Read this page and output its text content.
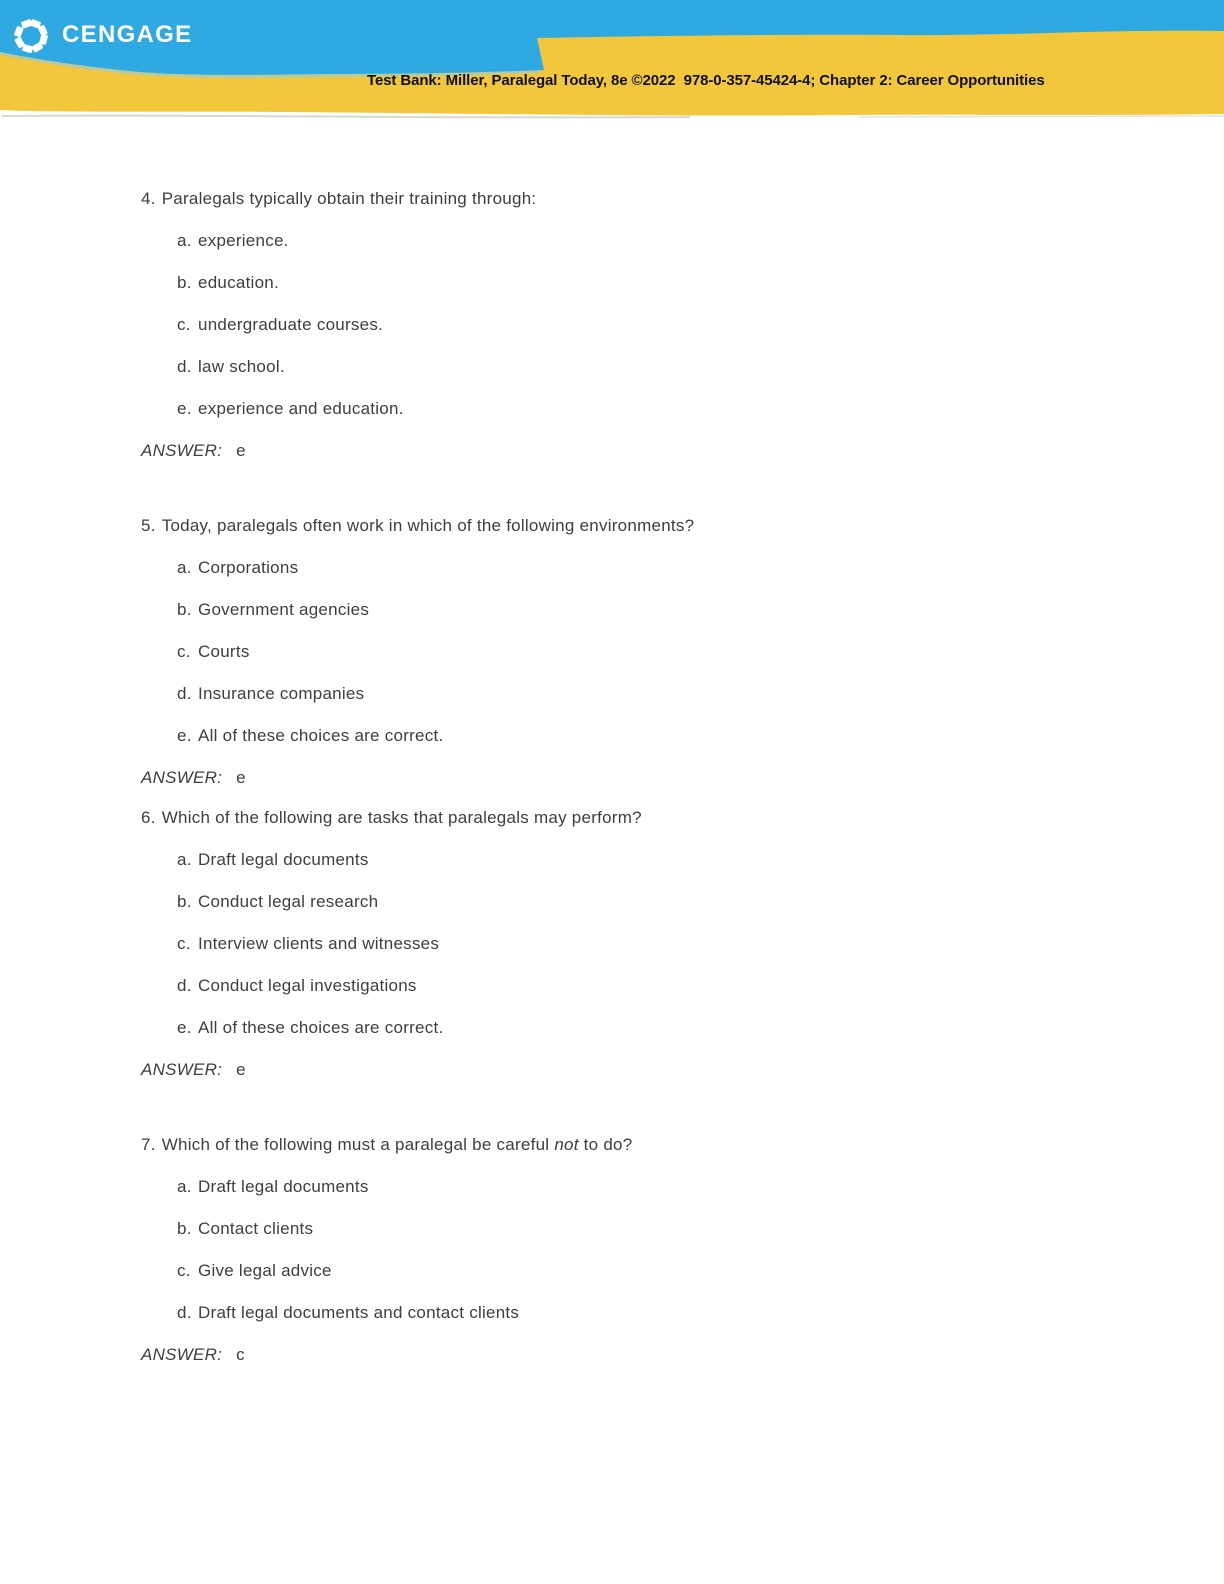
CENGAGE
Test Bank: Miller, Paralegal Today, 8e ©2022  978-0-357-45424-4; Chapter 2: Career Opportunities

4. Paralegals typically obtain their training through:

a. experience.

b. education.

c. undergraduate courses.

d. law school.

e. experience and education.

ANSWER: e

5. Today, paralegals often work in which of the following environments?

a. Corporations

b. Government agencies

c. Courts

d. Insurance companies

e. All of these choices are correct.

ANSWER: e

6. Which of the following are tasks that paralegals may perform?

a. Draft legal documents

b. Conduct legal research

c. Interview clients and witnesses

d. Conduct legal investigations

e. All of these choices are correct.

ANSWER: e

7. Which of the following must a paralegal be careful not to do?

a. Draft legal documents

b. Contact clients

c. Give legal advice

d. Draft legal documents and contact clients

ANSWER: c
